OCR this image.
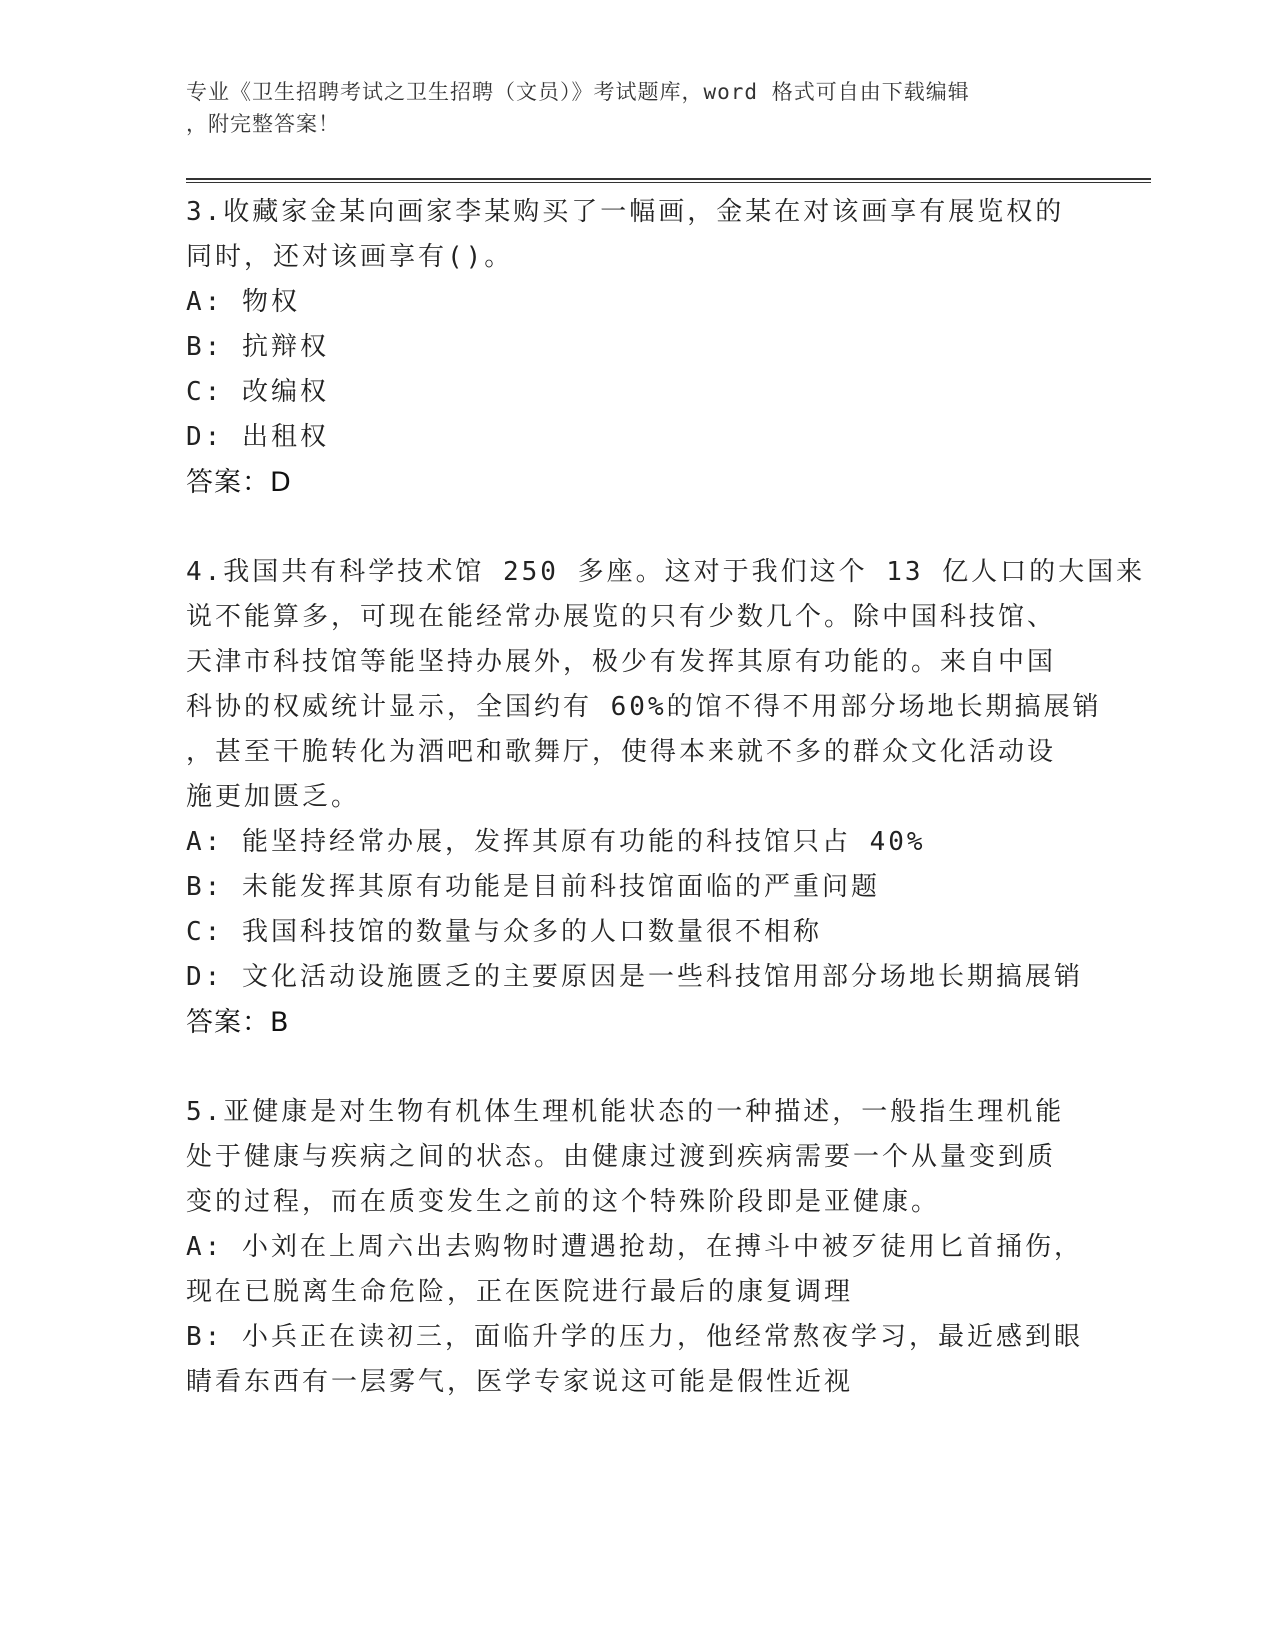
专业《卫生招聘考试之卫生招聘（文员）》考试题库，word 格式可自由下载编辑
，附完整答案！
3.收藏家金某向画家李某购买了一幅画，金某在对该画享有展览权的
同时，还对该画享有()。
A: 物权
B: 抗辩权
C: 改编权
D: 出租权
答案：D
4.我国共有科学技术馆 250 多座。这对于我们这个 13 亿人口的大国来
说不能算多，可现在能经常办展览的只有少数几个。除中国科技馆、
天津市科技馆等能坚持办展外，极少有发挥其原有功能的。来自中国
科协的权威统计显示，全国约有 60%的馆不得不用部分场地长期搞展销
，甚至干脆转化为酒吧和歌舞厅，使得本来就不多的群众文化活动设
施更加匮乏。
A: 能坚持经常办展，发挥其原有功能的科技馆只占 40%
B: 未能发挥其原有功能是目前科技馆面临的严重问题
C: 我国科技馆的数量与众多的人口数量很不相称
D: 文化活动设施匮乏的主要原因是一些科技馆用部分场地长期搞展销
答案：B
5.亚健康是对生物有机体生理机能状态的一种描述，一般指生理机能
处于健康与疾病之间的状态。由健康过渡到疾病需要一个从量变到质
变的过程，而在质变发生之前的这个特殊阶段即是亚健康。
A: 小刘在上周六出去购物时遭遇抢劫，在搏斗中被歹徒用匕首捅伤，
现在已脱离生命危险，正在医院进行最后的康复调理
B: 小兵正在读初三，面临升学的压力，他经常熬夜学习，最近感到眼
睛看东西有一层雾气，医学专家说这可能是假性近视
